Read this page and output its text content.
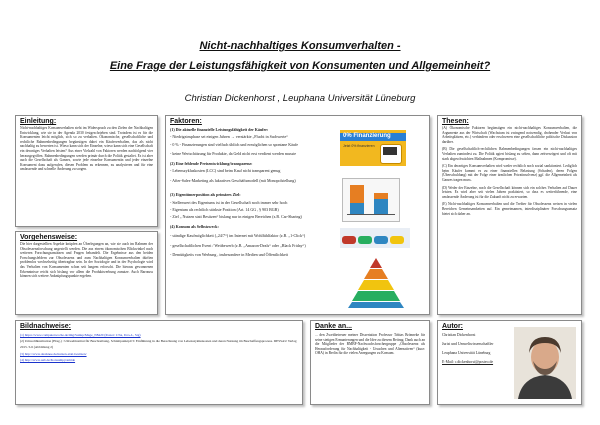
Nicht-nachhaltiges Konsumverhalten -
Eine Frage der Leistungsfähigkeit von Konsumenten und Allgemeinheit?
Christian Dickenhorst , Leuphana Universität Lüneburg
Einleitung:
Nicht-nachhaltiges Konsumverhalten steht im Widerspruch zu den Zielen der Nachhaltigen Entwicklung, wie sie in der Agenda 2030 festgeschrieben sind. Trotzdem ist es für die Konsumenten leicht möglich, sich so zu verhalten. Ökonomische, gesellschaftliche und rechtliche Rahmenbedingungen begünstigen dabei ein Käuferverhalten, das als nicht nachhaltig zu bewerten ist. Wieso kann sich der Einzelne, wieso kann sich eine Gesellschaft ein derartiges Verhalten leisten? Aus einer Vielzahl von Faktoren werden nachfolgend vier herausgegriffen. Rahmenbedingungen werden primär durch die Politik gestaltet. Es ist aber auch die Gesellschaft als Ganzes, sowie jede einzelne Konsumentin und jeder einzelne Konsument dazu aufgerufen, diesen Problem zu erkennen, zu analysieren und für eine umfassende und schnelle Änderung zu sorgen.
Vorgehensweise:
Die hier dargestellten Aspekte knüpfen an Überlegungen an, wie sie auch im Rahmen der Obsoleszenzforschung angestellt werden. Die aus einem ökonomischen Blickwinkel nach weiteren Forschungsansätzen und Fragen behandelt. Die Ergebnisse aus den beiden Forschungsfeldern zur Obsoleszenz und zum Nachhaltigen Konsumverhalten dürften problemlos wechselseitig übertragbar sein. In der Soziologie und in der Psychologie wird das Verhalten von Konsumenten schon seit langem erforscht. Die hieraus gewonnenen Erkenntnisse reicht sich bislang vor allem die Produktwerbung zunutze. Auch Barrauss können sich weitere Anknüpfungspunkte ergeben.
Faktoren:
(1) Die aktuelle finanzielle Leistungsfähigkeit der Käufer:
- Niedrigzinsphase sei einigen Jahren → verstärkte „Flucht in Sachwerte“
- 0 % - Finanzierungen sind vielfach üblich und ermöglichen so spontane Käufe
- keine Wertschätzung für Produkte, da Geld nicht erst verdient werden musste
(2) Eine fehlende Preisentwicklung/transparenz:
- Lebenszykluskosten (LCC) sind beim Kauf nicht transparent genug
- After-Sales-Marketing als lukratives Geschäftsmodell (mit Monopolstellung)
(3) Eigentümerposition als primäres Ziel:
- Stellenwert des Eigentums ist in der Gesellschaft noch immer sehr hoch
- Eigentum als rechtlich stärkste Position (Art. 14 GG , § 903 BGB)
- Ziel „ Nutzen statt Besitzen“ bislang nur in einigen Bereichen (z.B. Car-Sharing)
(4) Konsum als Selbstzweck:
- ständige Kaufmöglichkeit („24/7“) im Internet mit Wohlfühlfaktor (z.B. „1-Click“)
- gesellschaftlichen Event / Wettbewerb (z.B. „Amazon-Deals“ oder „Black Friday“)
- Demütigkeits von Werbung , insbesondere in Medien und Öffentlichkeit
0% Finanzierung
Jetzt 0% finanzieren
Thesen:

(A) Ökonomische Faktoren begünstigen ein nicht-nachhaltiges Konsumverhalten, die Argumente aus der Wirtschaft (Wachstum ist zwingend notwendig, drohender Verlust von Arbeitsplätzen, etc.) verhindern oder erschweren eine gesellschaftliche politische Diskussion darüber.

(B) Die gesellschaftlich-rechtlichen Rahmenbedingungen fassen ein nicht-nachhaltiges Verhalten zumindest zu. Die Politik agiert bislang zu selten, dann zeitverzögert und oft mit stark abgeschwächten Maßnahmen (Kompromisse).

(C) Ein derartiges Konsumverhalten wird weder rechtlich noch sozial sanktioniert. Lediglich beim Käufer kommt es zu einer finanziellen Belastung (Schaden), deren Folgen (Überschuldung) mit der Folge einer ärmlichen Privatinsolvenz) ggf. die Allgemeinheit als Ganzes tragen muss.

(D) Weder der Einzelne, noch die Gesellschaft können sich ein solches Verhalten auf Dauer leisten. Es wird aber seit vielen Jahren praktiziert, so dass es weiterführende, eine umfassende Änderung ist für die Zukunft nicht zu erwarten.

(E) Nicht-nachhaltiges Konsumverhalten und die Treiber für Obsoleszenz weisen in vielen Bereichen Gemeinsamkeiten auf. Ein gemeinsamen, interdisziplinärer Forschungsansatz bietet sich daher an.

Bildnachweise:
(1) https://www.computerwoche.de/img/Suitup/Mage_N8420 (Poster: CTA, D-G-L, Stg)
(2) Umwelthinstitution (Hrsg.) : Umweltinstitut für Beschreibung, Schnittpunktpil 5: Einführung in die Berechnung von Lebenszykluskosten und deren Nutzung im Beschaffungsprozess. DESSAU Verlag 2015. S.6 (Abbildung 2)
(3) http://www.dealsnee.de/nutzen-statt-besitzen/
(4) http://www.uab.de/Konsumpyramide
Danke an...
... den Zweitbetreuer meiner Dissertation Professor Tobias Brönneke für seine stetigen Ermunterungen und die Idee zu diesem Beitrag; Dank auch an die Mitglieder der BMBF-Nachwuchsforschergruppe „Obsoleszenz als Herausforderung für Nachhaltigkeit - Ursachen und Alternativen“ (kurz: OHA) in Berlin für die vielen Anregungen zu Konsum.
Autor:
Christian Dickenhorst
Jurist und Umweltwissenschaftler
Leuphana Universität Lüneburg
E-Mail: c.dickenhorst@posteo.de
